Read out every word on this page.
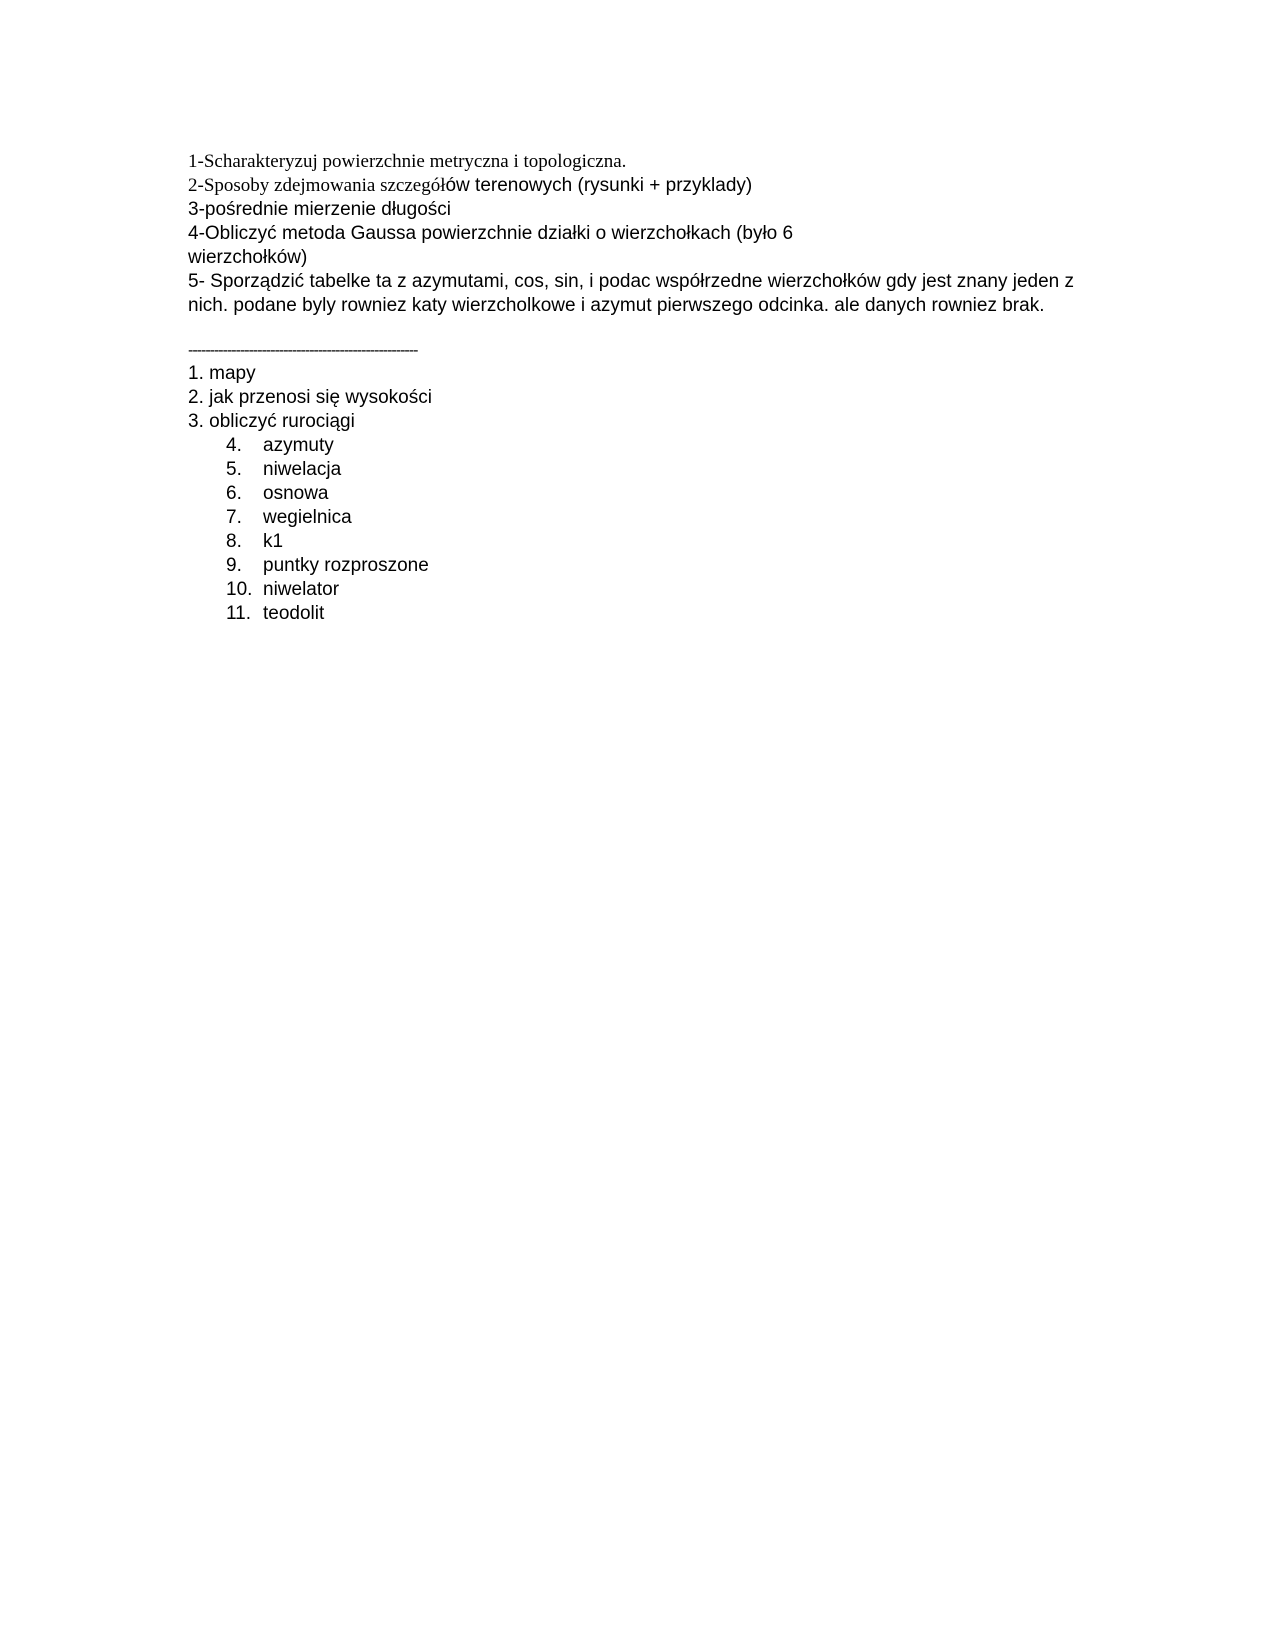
1-Scharakteryzuj powierzchnie metryczna i topologiczna.
2-Sposoby zdejmowania szczegółów terenowych (rysunki + przyklady)
3-pośrednie mierzenie długości
4-Obliczyć metoda Gaussa powierzchnie działki o wierzchołkach (było 6
wierzchołków)
5- Sporządzić tabelke ta z azymutami, cos, sin, i podac współrzedne wierzchołków gdy jest znany jeden z nich. podane byly rowniez katy wierzcholkowe i azymut pierwszego odcinka. ale danych rowniez brak.
-----------------------------------------------------
1. mapy
2. jak przenosi się wysokości
3. obliczyć rurociągi
4.	azymuty
5.	niwelacja
6.	osnowa
7.	wegielnica
8.	k1
9.	puntky rozproszone
10. niwelator
11. teodolit
